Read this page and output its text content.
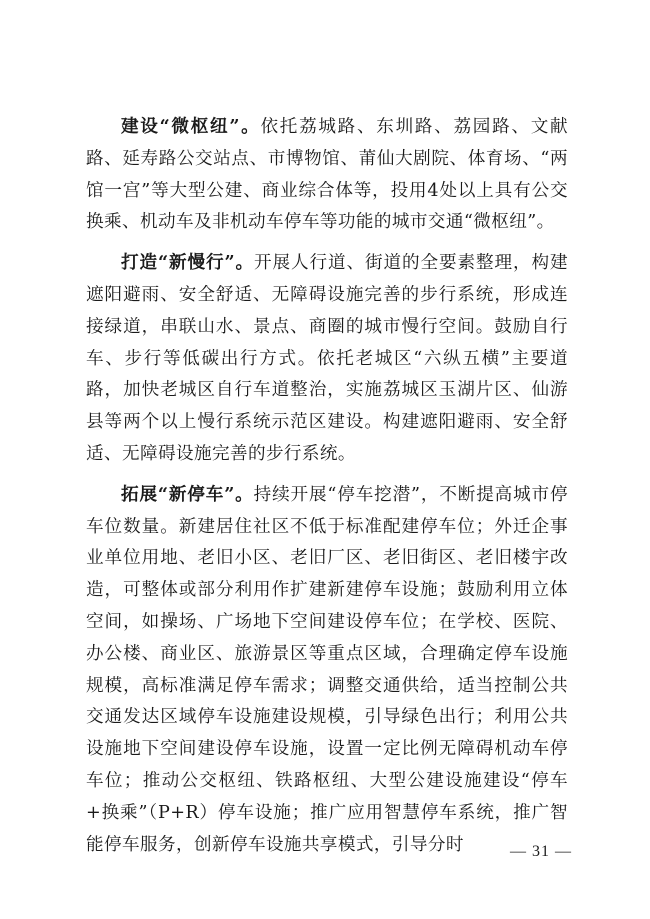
建设“微枢纽”。依托荔城路、东圳路、荔园路、文献路、延寿路公交站点、市博物馆、莆仙大剧院、体育场、“两馆一宫”等大型公建、商业综合体等，投用4处以上具有公交换乘、机动车及非机动车停车等功能的城市交通“微枢纽”。

打造“新慢行”。开展人行道、街道的全要素整理，构建遮阳避雨、安全舒适、无障碍设施完善的步行系统，形成连接绿道，串联山水、景点、商圈的城市慢行空间。鼓励自行车、步行等低碳出行方式。依托老城区“六纵五横”主要道路，加快老城区自行车道整治，实施荔城区玉湖片区、仙游县等两个以上慢行系统示范区建设。构建遮阳避雨、安全舒适、无障碍设施完善的步行系统。

拓展“新停车”。持续开展“停车挖潜”，不断提高城市停车位数量。新建居住社区不低于标准配建停车位；外迁企事业单位用地、老旧小区、老旧厂区、老旧街区、老旧楼宇改造，可整体或部分利用作扩建新建停车设施；鼓励利用立体空间，如操场、广场地下空间建设停车位；在学校、医院、办公楼、商业区、旅游景区等重点区域，合理确定停车设施规模，高标准满足停车需求；调整交通供给，适当控制公共交通发达区域停车设施建设规模，引导绿色出行；利用公共设施地下空间建设停车设施，设置一定比例无障碍机动车停车位；推动公交枢纽、铁路枢纽、大型公建设施建设“停车+换乘”（P+R）停车设施；推广应用智慧停车系统，推广智能停车服务，创新停车设施共享模式，引导分时	— 31 —
